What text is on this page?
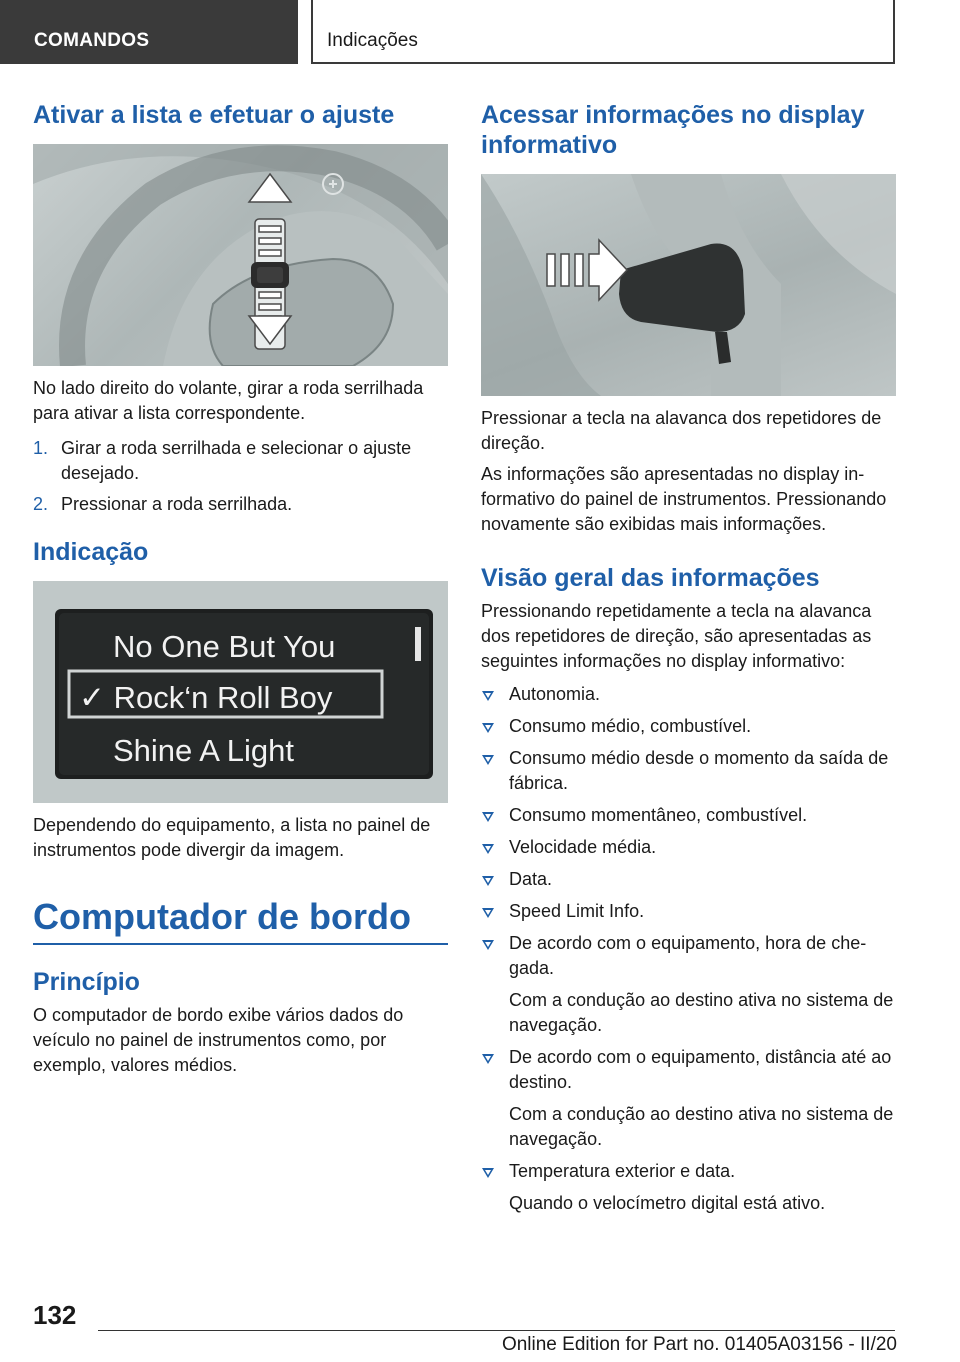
COMANDOS	Indicações
Ativar a lista e efetuar o ajuste

No lado direito do volante, girar a roda serrilhada para ativar a lista correspondente.

1. Girar a roda serrilhada e selecionar o ajuste desejado.
2. Pressionar a roda serrilhada.
Indicação
No One But You
✓ Rock‘n Roll Boy
Shine A Light

Dependendo do equipamento, a lista no painel de instrumentos pode divergir da imagem.

Computador de bordo
Princípio

O computador de bordo exibe vários dados do veículo no painel de instrumentos como, por exemplo, valores médios.

Acessar informações no display informativo

Pressionar a tecla na alavanca dos repetidores de direção.

As informações são apresentadas no display informativo do painel de instrumentos. Pressionando novamente são exibidas mais informações.

Visão geral das informações

Pressionando repetidamente a tecla na alavanca dos repetidores de direção, são apresentadas as seguintes informações no display informativo:

Autonomia.
Consumo médio, combustível.
Consumo médio desde o momento da saída de fábrica.
Consumo momentâneo, combustível.
Velocidade média.
Data.
Speed Limit Info.
De acordo com o equipamento, hora de chegada.
Com a condução ao destino ativa no sistema de navegação.
De acordo com o equipamento, distância até ao destino.
Com a condução ao destino ativa no sistema de navegação.
Temperatura exterior e data.
Quando o velocímetro digital está ativo.
132
Online Edition for Part no. 01405A03156 - II/20
